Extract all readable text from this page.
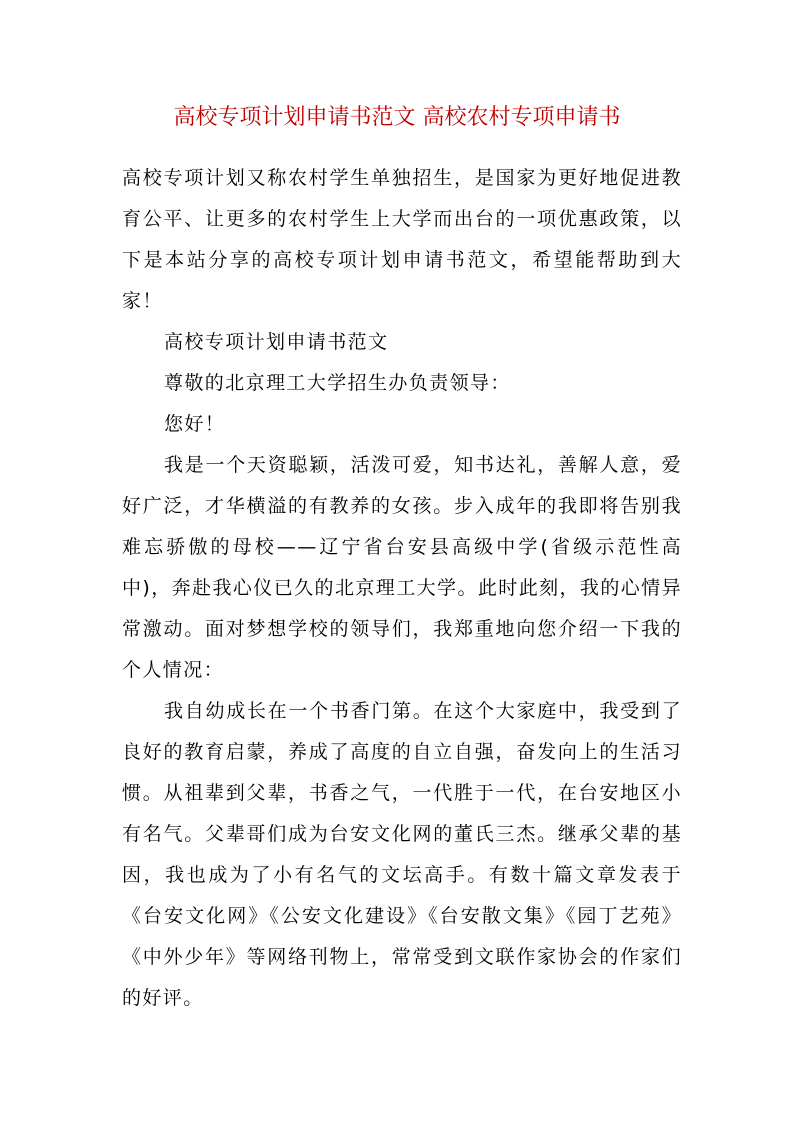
高校专项计划申请书范文 高校农村专项申请书

高校专项计划又称农村学生单独招生，是国家为更好地促进教育公平、让更多的农村学生上大学而出台的一项优惠政策，以下是本站分享的高校专项计划申请书范文，希望能帮助到大家！

高校专项计划申请书范文

尊敬的北京理工大学招生办负责领导：

您好！

我是一个天资聪颖，活泼可爱，知书达礼，善解人意，爱好广泛，才华横溢的有教养的女孩。步入成年的我即将告别我难忘骄傲的母校——辽宁省台安县高级中学(省级示范性高中)，奔赴我心仪已久的北京理工大学。此时此刻，我的心情异常激动。面对梦想学校的领导们，我郑重地向您介绍一下我的个人情况：

我自幼成长在一个书香门第。在这个大家庭中，我受到了良好的教育启蒙，养成了高度的自立自强，奋发向上的生活习惯。从祖辈到父辈，书香之气，一代胜于一代，在台安地区小有名气。父辈哥们成为台安文化网的董氏三杰。继承父辈的基因，我也成为了小有名气的文坛高手。有数十篇文章发表于《台安文化网》《公安文化建设》《台安散文集》《园丁艺苑》《中外少年》等网络刊物上，常常受到文联作家协会的作家们的好评。
